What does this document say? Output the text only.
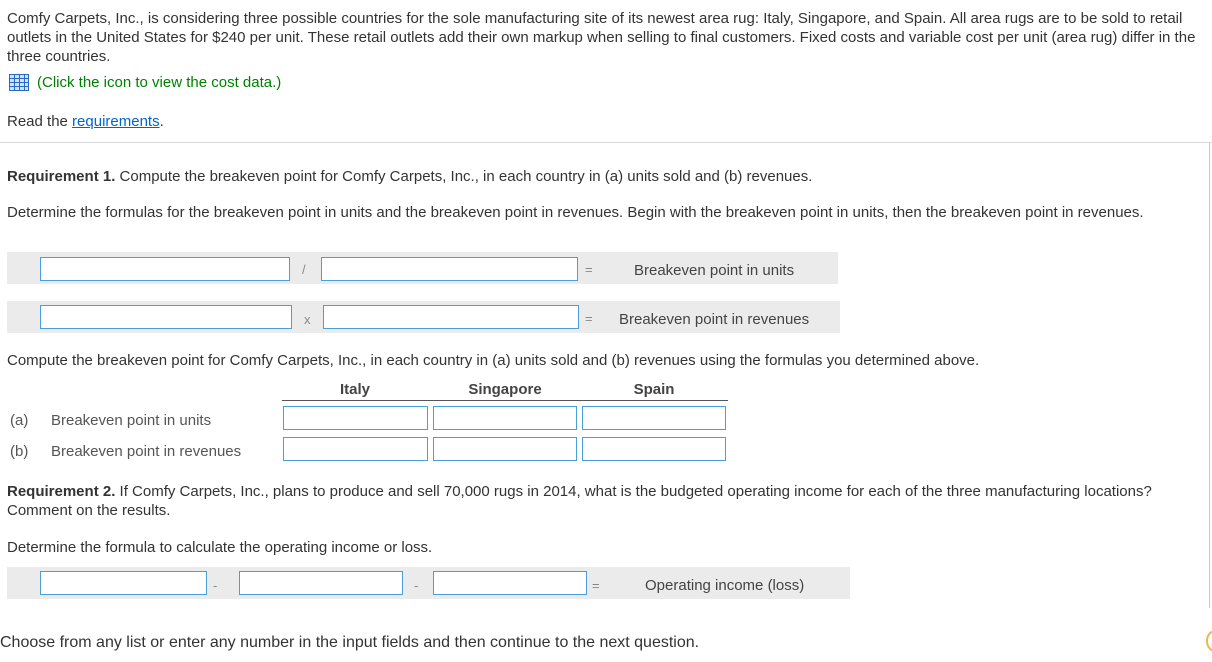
Comfy Carpets, Inc., is considering three possible countries for the sole manufacturing site of its newest area rug: Italy, Singapore, and Spain. All area rugs are to be sold to retail outlets in the United States for $240 per unit. These retail outlets add their own markup when selling to final customers. Fixed costs and variable cost per unit (area rug) differ in the three countries.
(Click the icon to view the cost data.)
Read the requirements.
Requirement 1. Compute the breakeven point for Comfy Carpets, Inc., in each country in (a) units sold and (b) revenues.
Determine the formulas for the breakeven point in units and the breakeven point in revenues. Begin with the breakeven point in units, then the breakeven point in revenues.
/	=	Breakeven point in units
x	= Breakeven point in revenues
Compute the breakeven point for Comfy Carpets, Inc., in each country in (a) units sold and (b) revenues using the formulas you determined above.
Italy	Singapore	Spain
(a) Breakeven point in units
(b) Breakeven point in revenues
Requirement 2. If Comfy Carpets, Inc., plans to produce and sell 70,000 rugs in 2014, what is the budgeted operating income for each of the three manufacturing locations? Comment on the results.
Determine the formula to calculate the operating income or loss.
-	-	=	Operating income (loss)
Choose from any list or enter any number in the input fields and then continue to the next question.
